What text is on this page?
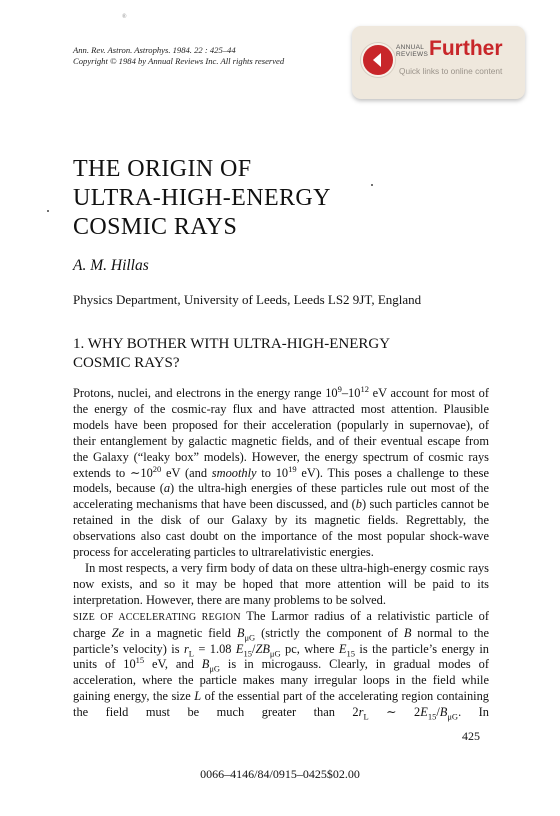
®
Ann. Rev. Astron. Astrophys. 1984. 22 : 425–44
Copyright © 1984 by Annual Reviews Inc. All rights reserved
ANNUAL
REVIEWS Further
Quick links to online content
THE ORIGIN OF
ULTRA-HIGH-ENERGY
COSMIC RAYS
A. M. Hillas
Physics Department, University of Leeds, Leeds LS2 9JT, England
1. WHY BOTHER WITH ULTRA-HIGH-ENERGY
COSMIC RAYS?

Protons, nuclei, and electrons in the energy range $10^9-10^{12}$ eV account for most of the energy of the cosmic-ray flux and have attracted most attention. Plausible models have been proposed for their acceleration (popularly in supernovae), of their entanglement by galactic magnetic fields, and of their eventual escape from the Galaxy (“leaky box” models). However, the energy spectrum of cosmic rays extends to $\sim 10^{20}$ eV (and smoothly to $10^{19}$ eV). This poses a challenge to these models, because (a) the ultra-high energies of these particles rule out most of the accelerating mechanisms that have been discussed, and (b) such particles cannot be retained in the disk of our Galaxy by its magnetic fields. Regrettably, the observations also cast doubt on the importance of the most popular shock-wave process for accelerating particles to ultrarelativistic energies.

In most respects, a very firm body of data on these ultra-high-energy cosmic rays now exists, and so it may be hoped that more attention will be paid to its interpretation. However, there are many problems to be solved.

SIZE OF ACCELERATING REGION The Larmor radius of a relativistic particle of charge Ze in a magnetic field $B_{\mu G}$ (strictly the component of B normal to the particle’s velocity) is $r_L = 1.08$ $E_{15}/ZB_{\mu G}$ pc, where $E_{15}$ is the particle’s energy in units of $10^{15}$ eV, and $B_{\mu G}$ is in microgauss. Clearly, in gradual modes of acceleration, where the particle makes many irregular loops in the field while gaining energy, the size L of the essential part of the accelerating region containing the field must be much greater than $2r_L$ ∼ $2E_{15}/B_{\mu G}$. In

425
0066–4146/84/0915–0425$02.00
